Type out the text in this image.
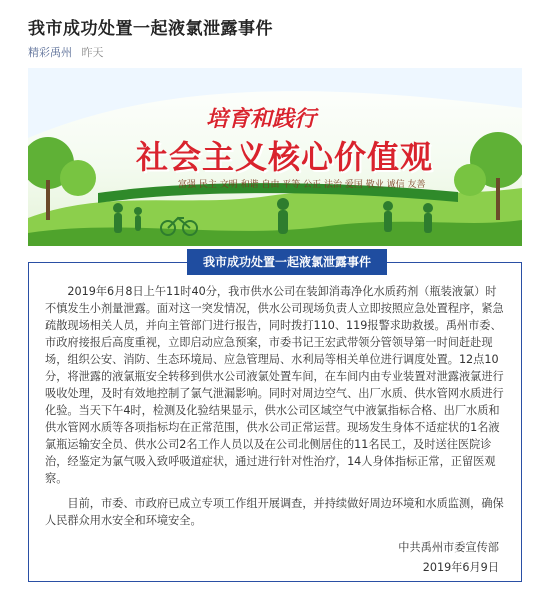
我市成功处置一起液氯泄露事件
精彩禹州 昨天
培育和践行
社会主义核心价值观
富强 民主 文明 和谐 自由 平等 公正 法治 爱国 敬业 诚信 友善
我市成功处置一起液氯泄露事件
2019年6月8日上午11时40分，我市供水公司在装卸消毒净化水质药剂（瓶装液氯）时不慎发生小剂量泄露。面对这一突发情况，供水公司现场负责人立即按照应急处置程序，紧急疏散现场相关人员，并向主管部门进行报告，同时拨打110、119报警求助救援。禹州市委、市政府接报后高度重视，立即启动应急预案，市委书记王宏武带领分管领导第一时间赶赴现场，组织公安、消防、生态环境局、应急管理局、水利局等相关单位进行调度处置。12点10分，将泄露的液氯瓶安全转移到供水公司液氯处置车间，在车间内由专业装置对泄露液氯进行吸收处理，及时有效地控制了氯气泄漏影响。同时对周边空气、出厂水质、供水管网水质进行化验。当天下午4时，检测及化验结果显示，供水公司区域空气中液氯指标合格、出厂水质和供水管网水质等各项指标均在正常范围，供水公司正常运营。现场发生身体不适症状的1名液氯瓶运输安全员、供水公司2名工作人员以及在公司北侧居住的11名民工，及时送往医院诊治，经鉴定为氯气吸入致呼吸道症状，通过进行针对性治疗，14人身体指标正常，正留医观察。
目前，市委、市政府已成立专项工作组开展调查，并持续做好周边环境和水质监测，确保人民群众用水安全和环境安全。
中共禹州市委宣传部
2019年6月9日
